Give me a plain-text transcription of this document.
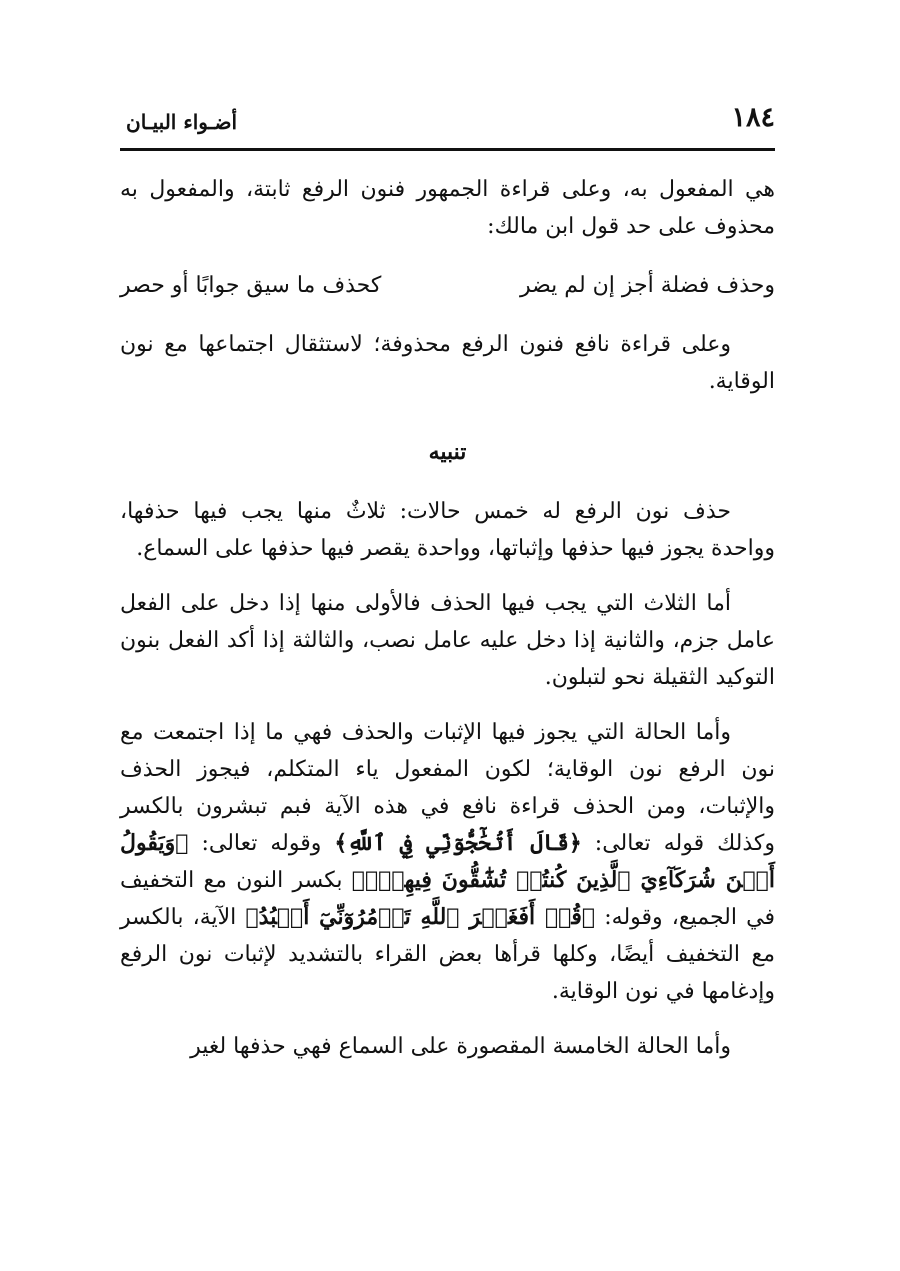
١٨٤
أضـواء البيـان

هي المفعول به، وعلى قراءة الجمهور فنون الرفع ثابتة، والمفعول به محذوف على حد قول ابن مالك:

وحذف فضلة أجز إن لم يضر
كحذف ما سيق جوابًا أو حصر

وعلى قراءة نافع فنون الرفع محذوفة؛ لاستثقال اجتماعها مع نون الوقاية.

تنبيه

حذف نون الرفع له خمس حالات: ثلاثٌ منها يجب فيها حذفها، وواحدة يجوز فيها حذفها وإثباتها، وواحدة يقصر فيها حذفها على السماع.

أما الثلاث التي يجب فيها الحذف فالأولى منها إذا دخل على الفعل عامل جزم، والثانية إذا دخل عليه عامل نصب، والثالثة إذا أكد الفعل بنون التوكيد الثقيلة نحو لتبلون.

وأما الحالة التي يجوز فيها الإثبات والحذف فهي ما إذا اجتمعت مع نون الرفع نون الوقاية؛ لكون المفعول ياء المتكلم، فيجوز الحذف والإثبات، ومن الحذف قراءة نافع في هذه الآية فبم تبشرون بالكسر وكذلك قوله تعالى: ﴿قَالَ أَتُحَٰٓجُّوٓنِّي فِي ٱللَّهِ﴾ وقوله تعالى: ﴿وَيَقُولُ أَيۡنَ شُرَكَآءِيَ ٱلَّذِينَ كُنتُمۡ تُشَٰٓقُّونَ فِيهِمۡۚ﴾ بكسر النون مع التخفيف في الجميع، وقوله: ﴿قُلۡ أَفَغَيۡرَ ٱللَّهِ تَأۡمُرُوٓنِّيٓ أَعۡبُدُ﴾ الآية، بالكسر مع التخفيف أيضًا، وكلها قرأها بعض القراء بالتشديد لإثبات نون الرفع وإدغامها في نون الوقاية.

وأما الحالة الخامسة المقصورة على السماع فهي حذفها لغير
